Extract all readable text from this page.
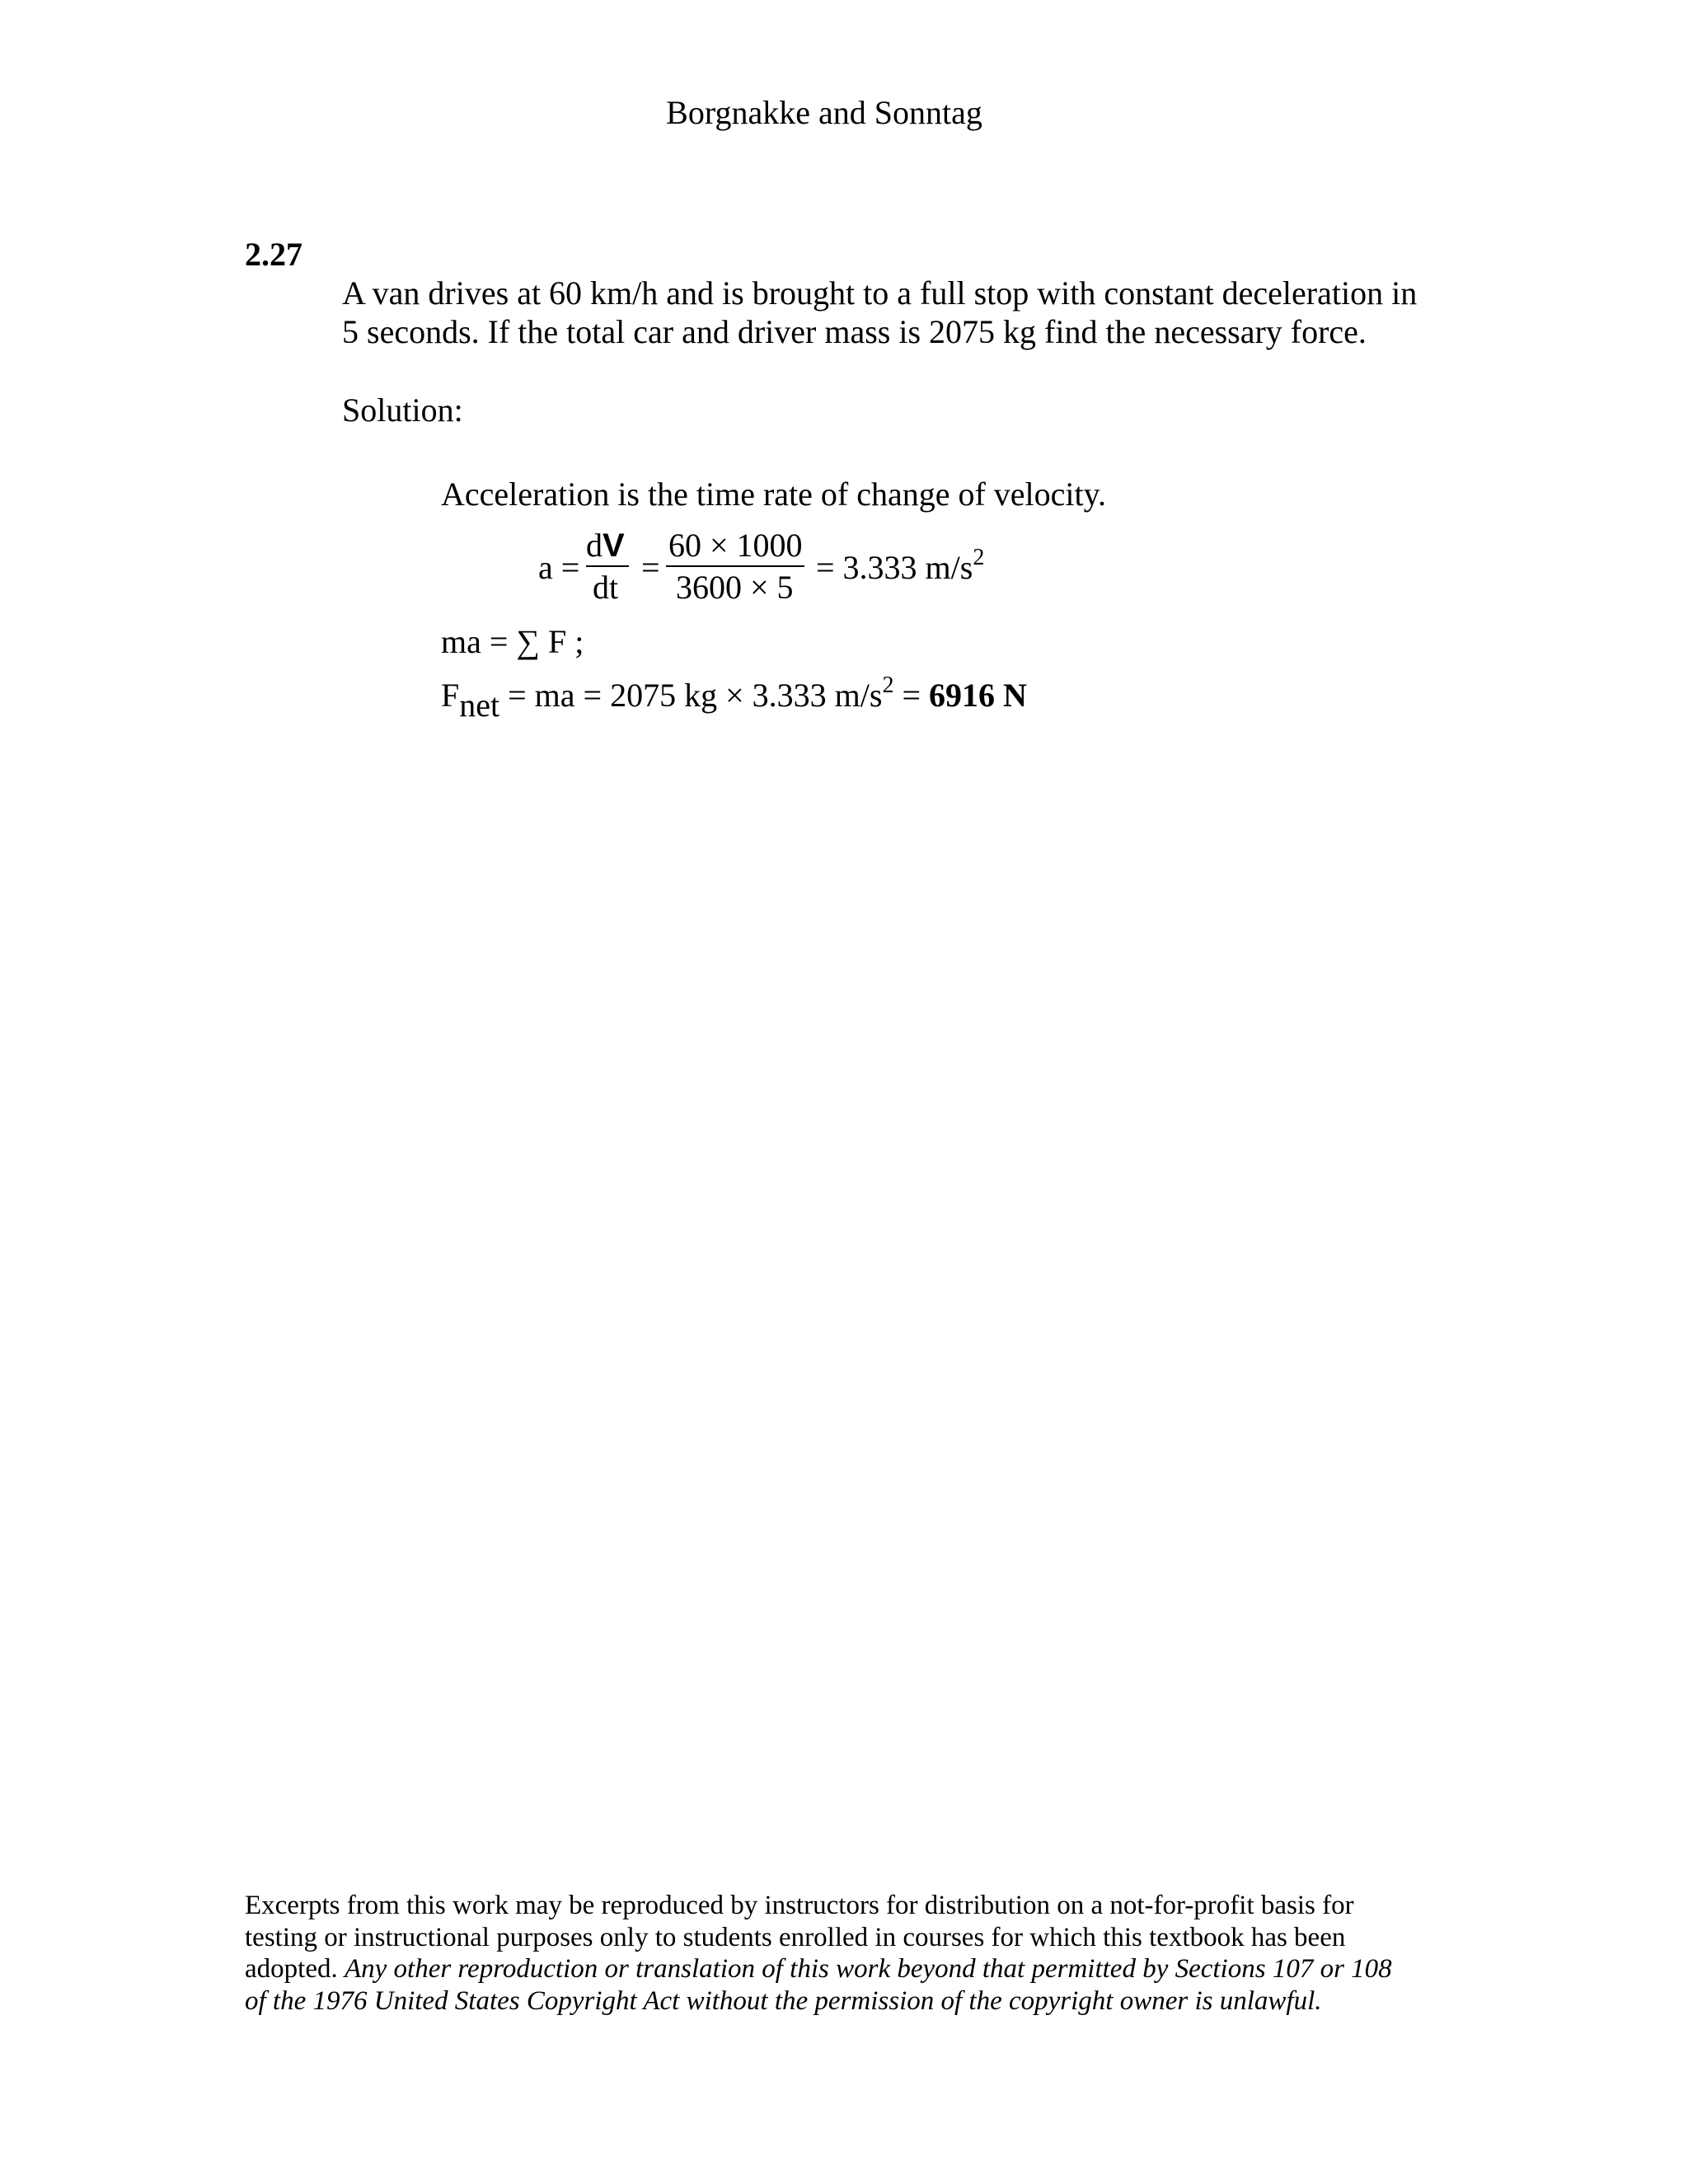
Borgnakke and Sonntag
2.27
A van drives at 60 km/h and is brought to a full stop with constant deceleration in
5 seconds. If the total car and driver mass is 2075 kg find the necessary force.
Solution:
Acceleration is the time rate of change of velocity.
a =
dV
dt
=
60 × 1000
3600 × 5
= 3.333 $m/s^2$
ma = ∑ F ;
$F_{net}$ = ma = 2075 kg × 3.333 $m/s^2 = 6916$ N
Excerpts from this work may be reproduced by instructors for distribution on a not-for-profit basis for
testing or instructional purposes only to students enrolled in courses for which this textbook has been
adopted. Any other reproduction or translation of this work beyond that permitted by Sections 107 or 108
of the 1976 United States Copyright Act without the permission of the copyright owner is unlawful.
